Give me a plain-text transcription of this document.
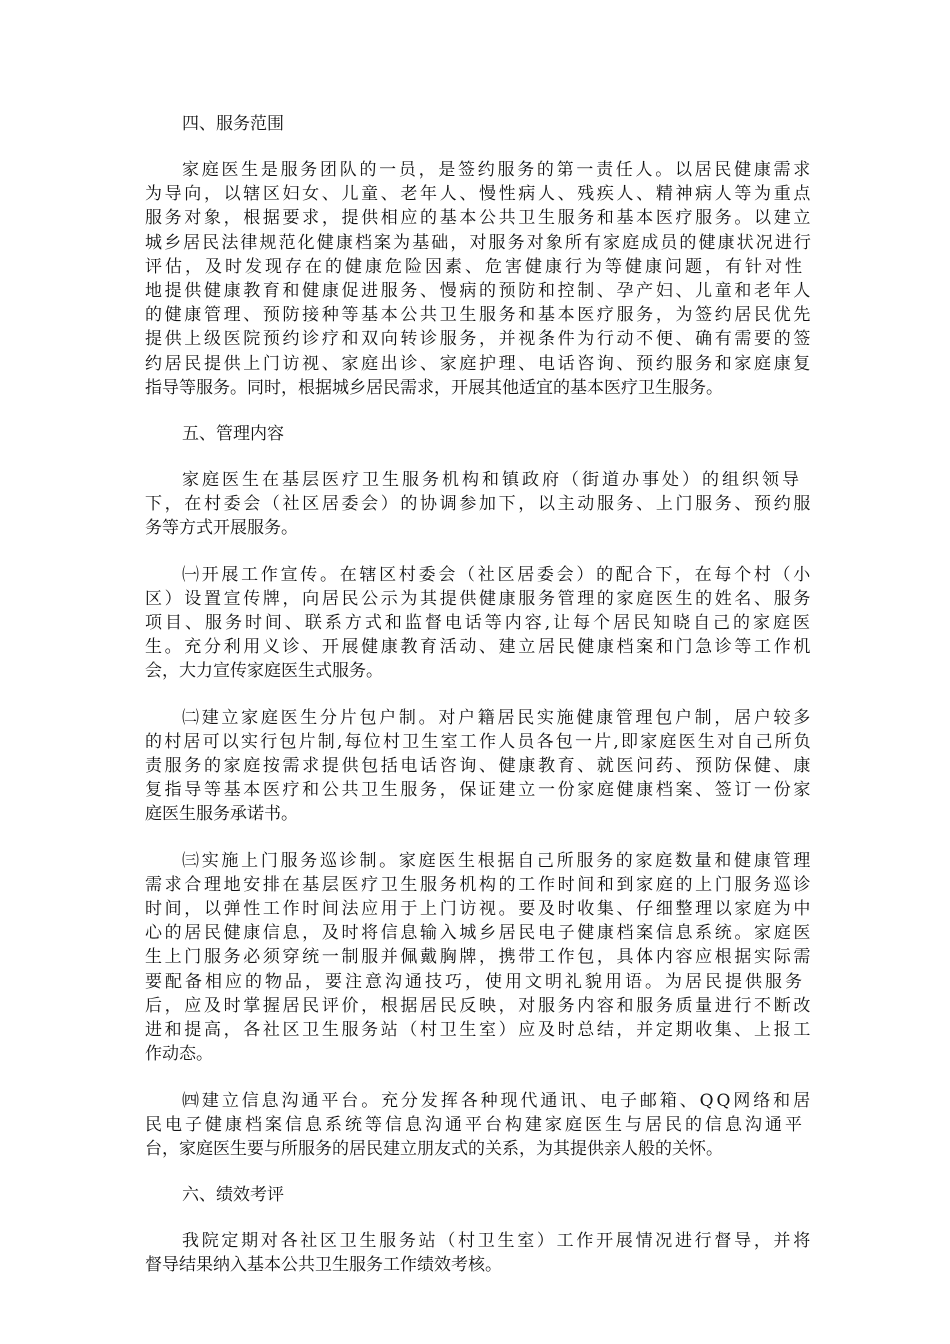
四、服务范围
家庭医生是服务团队的一员，是签约服务的第一责任人。以居民健康需求
为导向，以辖区妇女、儿童、老年人、慢性病人、残疾人、精神病人等为重点
服务对象，根据要求，提供相应的基本公共卫生服务和基本医疗服务。以建立
城乡居民法律规范化健康档案为基础，对服务对象所有家庭成员的健康状况进行
评估，及时发现存在的健康危险因素、危害健康行为等健康问题，有针对性
地提供健康教育和健康促进服务、慢病的预防和控制、孕产妇、儿童和老年人
的健康管理、预防接种等基本公共卫生服务和基本医疗服务，为签约居民优先
提供上级医院预约诊疗和双向转诊服务，并视条件为行动不便、确有需要的签
约居民提供上门访视、家庭出诊、家庭护理、电话咨询、预约服务和家庭康复
指导等服务。同时，根据城乡居民需求，开展其他适宜的基本医疗卫生服务。
五、管理内容
家庭医生在基层医疗卫生服务机构和镇政府（街道办事处）的组织领导
下，在村委会（社区居委会）的协调参加下，以主动服务、上门服务、预约服
务等方式开展服务。
㈠开展工作宣传。在辖区村委会（社区居委会）的配合下，在每个村（小
区）设置宣传牌，向居民公示为其提供健康服务管理的家庭医生的姓名、服务
项目、服务时间、联系方式和监督电话等内容,让每个居民知晓自己的家庭医
生。充分利用义诊、开展健康教育活动、建立居民健康档案和门急诊等工作机
会，大力宣传家庭医生式服务。
㈡建立家庭医生分片包户制。对户籍居民实施健康管理包户制，居户较多
的村居可以实行包片制,每位村卫生室工作人员各包一片,即家庭医生对自己所负
责服务的家庭按需求提供包括电话咨询、健康教育、就医问药、预防保健、康
复指导等基本医疗和公共卫生服务，保证建立一份家庭健康档案、签订一份家
庭医生服务承诺书。
㈢实施上门服务巡诊制。家庭医生根据自己所服务的家庭数量和健康管理
需求合理地安排在基层医疗卫生服务机构的工作时间和到家庭的上门服务巡诊
时间，以弹性工作时间法应用于上门访视。要及时收集、仔细整理以家庭为中
心的居民健康信息，及时将信息输入城乡居民电子健康档案信息系统。家庭医
生上门服务必须穿统一制服并佩戴胸牌，携带工作包，具体内容应根据实际需
要配备相应的物品，要注意沟通技巧，使用文明礼貌用语。为居民提供服务
后，应及时掌握居民评价，根据居民反映，对服务内容和服务质量进行不断改
进和提高，各社区卫生服务站（村卫生室）应及时总结，并定期收集、上报工
作动态。
㈣建立信息沟通平台。充分发挥各种现代通讯、电子邮箱、QQ网络和居
民电子健康档案信息系统等信息沟通平台构建家庭医生与居民的信息沟通平
台，家庭医生要与所服务的居民建立朋友式的关系，为其提供亲人般的关怀。
六、绩效考评
我院定期对各社区卫生服务站（村卫生室）工作开展情况进行督导，并将
督导结果纳入基本公共卫生服务工作绩效考核。
